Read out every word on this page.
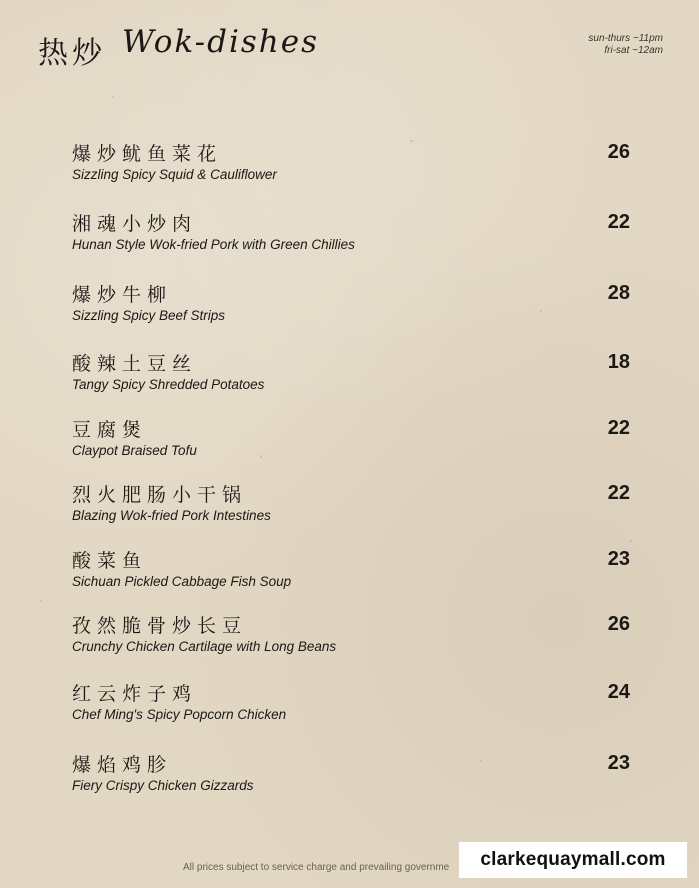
热炒 Wok-dishes	sun-thurs ~11pm
fri-sat ~12am
爆炒鱿鱼菜花
Sizzling Spicy Squid & Cauliflower
26
湘魂小炒肉
Hunan Style Wok-fried Pork with Green Chillies
22
爆炒牛柳
Sizzling Spicy Beef Strips
28
酸辣土豆丝
Tangy Spicy Shredded Potatoes
18
豆腐煲
Claypot Braised Tofu
22
烈火肥肠小干锅
Blazing Wok-fried Pork Intestines
22
酸菜鱼
Sichuan Pickled Cabbage Fish Soup
23
孜然脆骨炒长豆
Crunchy Chicken Cartilage with Long Beans
26
红云炸子鸡
Chef Ming's Spicy Popcorn Chicken
24
爆焰鸡胗
Fiery Crispy Chicken Gizzards
23
All prices subject to service charge and prevailing governme	clarkequaymall.com
